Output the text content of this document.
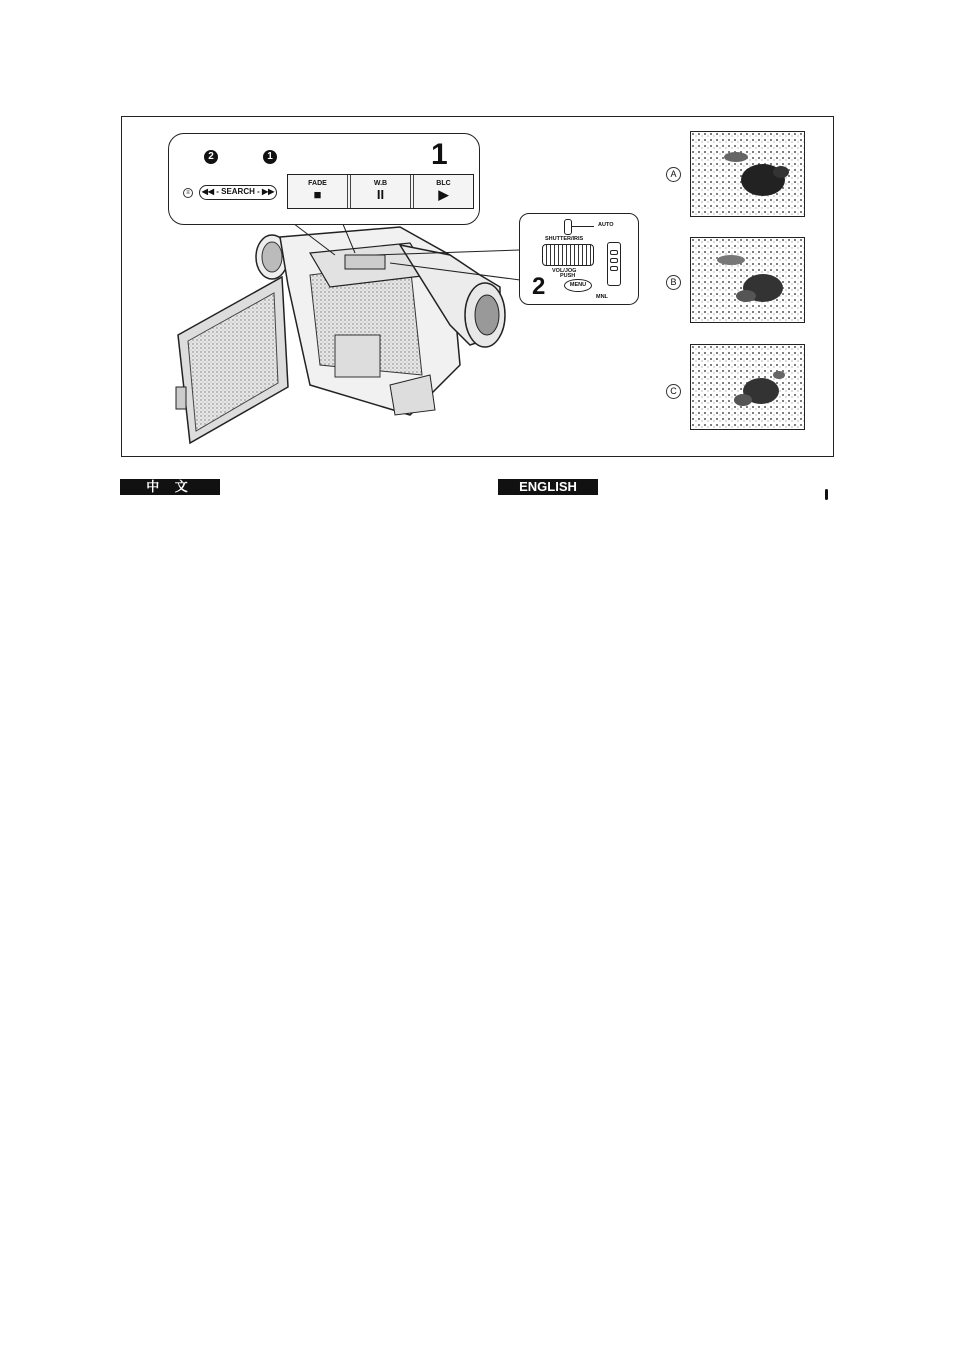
2	1
≡	◀◀ - SEARCH - ▶▶
1
FADE
■
W.B
II
BLC
▶
AUTO
SHUTTER/IRIS
VOL/JOG
PUSH
MENU
2	MNL
A
B
C
中 文	ENGLISH
